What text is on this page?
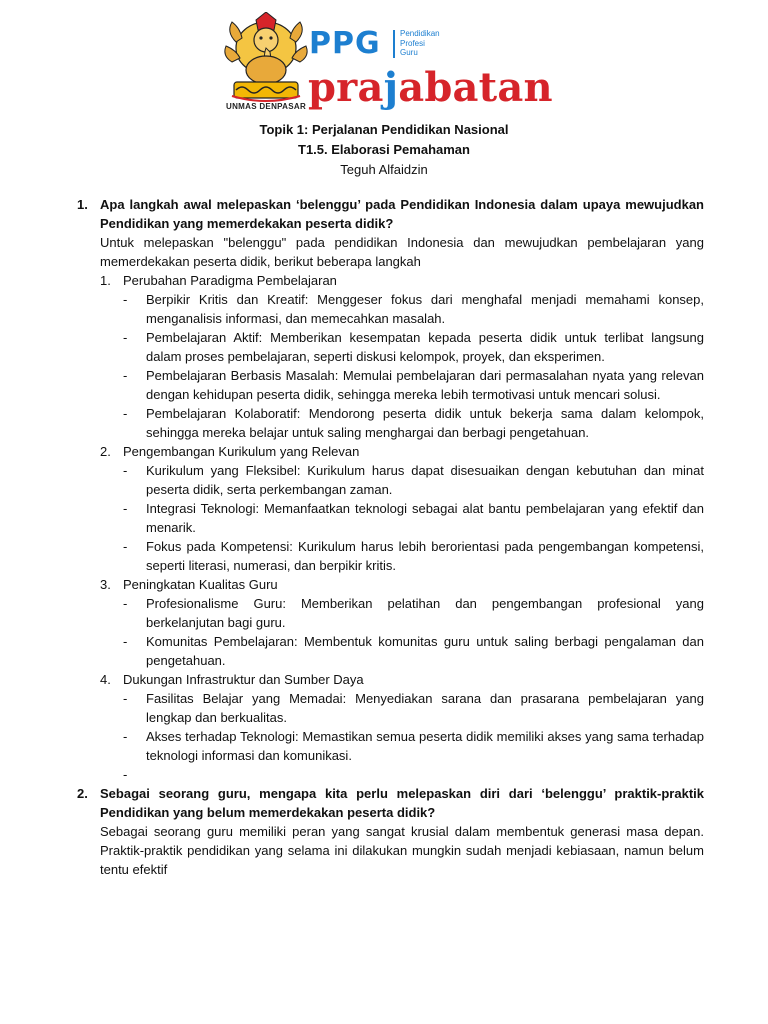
UNMAS DENPASAR
PPG Pendidikan
Profesi
Guru
prajabatan
Topik 1: Perjalanan Pendidikan Nasional
T1.5. Elaborasi Pemahaman
Teguh Alfaidzin
1. Apa langkah awal melepaskan ‘belenggu’ pada Pendidikan Indonesia dalam upaya mewujudkan Pendidikan yang memerdekakan peserta didik?
Untuk melepaskan "belenggu" pada pendidikan Indonesia dan mewujudkan pembelajaran yang memerdekakan peserta didik, berikut beberapa langkah
1. Perubahan Paradigma Pembelajaran
- Berpikir Kritis dan Kreatif: Menggeser fokus dari menghafal menjadi memahami konsep, menganalisis informasi, dan memecahkan masalah.
- Pembelajaran Aktif: Memberikan kesempatan kepada peserta didik untuk terlibat langsung dalam proses pembelajaran, seperti diskusi kelompok, proyek, dan eksperimen.
- Pembelajaran Berbasis Masalah: Memulai pembelajaran dari permasalahan nyata yang relevan dengan kehidupan peserta didik, sehingga mereka lebih termotivasi untuk mencari solusi.
- Pembelajaran Kolaboratif: Mendorong peserta didik untuk bekerja sama dalam kelompok, sehingga mereka belajar untuk saling menghargai dan berbagi pengetahuan.
2. Pengembangan Kurikulum yang Relevan
- Kurikulum yang Fleksibel: Kurikulum harus dapat disesuaikan dengan kebutuhan dan minat peserta didik, serta perkembangan zaman.
- Integrasi Teknologi: Memanfaatkan teknologi sebagai alat bantu pembelajaran yang efektif dan menarik.
- Fokus pada Kompetensi: Kurikulum harus lebih berorientasi pada pengembangan kompetensi, seperti literasi, numerasi, dan berpikir kritis.
3. Peningkatan Kualitas Guru
- Profesionalisme Guru: Memberikan pelatihan dan pengembangan profesional yang berkelanjutan bagi guru.
- Komunitas Pembelajaran: Membentuk komunitas guru untuk saling berbagi pengalaman dan pengetahuan.
4. Dukungan Infrastruktur dan Sumber Daya
- Fasilitas Belajar yang Memadai: Menyediakan sarana dan prasarana pembelajaran yang lengkap dan berkualitas.
- Akses terhadap Teknologi: Memastikan semua peserta didik memiliki akses yang sama terhadap teknologi informasi dan komunikasi.
-
2. Sebagai seorang guru, mengapa kita perlu melepaskan diri dari ‘belenggu’ praktik-praktik Pendidikan yang belum memerdekakan peserta didik?
Sebagai seorang guru memiliki peran yang sangat krusial dalam membentuk generasi masa depan. Praktik-praktik pendidikan yang selama ini dilakukan mungkin sudah menjadi kebiasaan, namun belum tentu efektif
